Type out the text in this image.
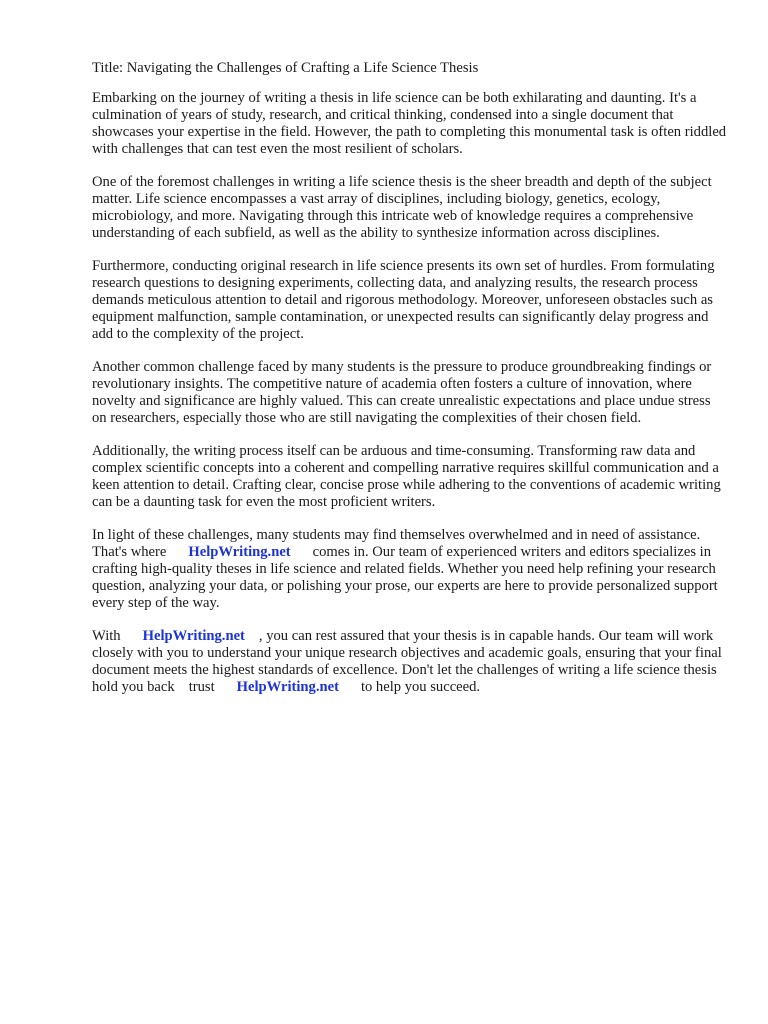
Title: Navigating the Challenges of Crafting a Life Science Thesis

Embarking on the journey of writing a thesis in life science can be both exhilarating and daunting. It's a culmination of years of study, research, and critical thinking, condensed into a single document that showcases your expertise in the field. However, the path to completing this monumental task is often riddled with challenges that can test even the most resilient of scholars.

One of the foremost challenges in writing a life science thesis is the sheer breadth and depth of the subject matter. Life science encompasses a vast array of disciplines, including biology, genetics, ecology, microbiology, and more. Navigating through this intricate web of knowledge requires a comprehensive understanding of each subfield, as well as the ability to synthesize information across disciplines.

Furthermore, conducting original research in life science presents its own set of hurdles. From formulating research questions to designing experiments, collecting data, and analyzing results, the research process demands meticulous attention to detail and rigorous methodology. Moreover, unforeseen obstacles such as equipment malfunction, sample contamination, or unexpected results can significantly delay progress and add to the complexity of the project.

Another common challenge faced by many students is the pressure to produce groundbreaking findings or revolutionary insights. The competitive nature of academia often fosters a culture of innovation, where novelty and significance are highly valued. This can create unrealistic expectations and place undue stress on researchers, especially those who are still navigating the complexities of their chosen field.

Additionally, the writing process itself can be arduous and time-consuming. Transforming raw data and complex scientific concepts into a coherent and compelling narrative requires skillful communication and a keen attention to detail. Crafting clear, concise prose while adhering to the conventions of academic writing can be a daunting task for even the most proficient writers.

In light of these challenges, many students may find themselves overwhelmed and in need of assistance. That's where HelpWriting.net comes in. Our team of experienced writers and editors specializes in crafting high-quality theses in life science and related fields. Whether you need help refining your research question, analyzing your data, or polishing your prose, our experts are here to provide personalized support every step of the way.

With HelpWriting.net , you can rest assured that your thesis is in capable hands. Our team will work closely with you to understand your unique research objectives and academic goals, ensuring that your final document meets the highest standards of excellence. Don't let the challenges of writing a life science thesis hold you back trust HelpWriting.net to help you succeed.
